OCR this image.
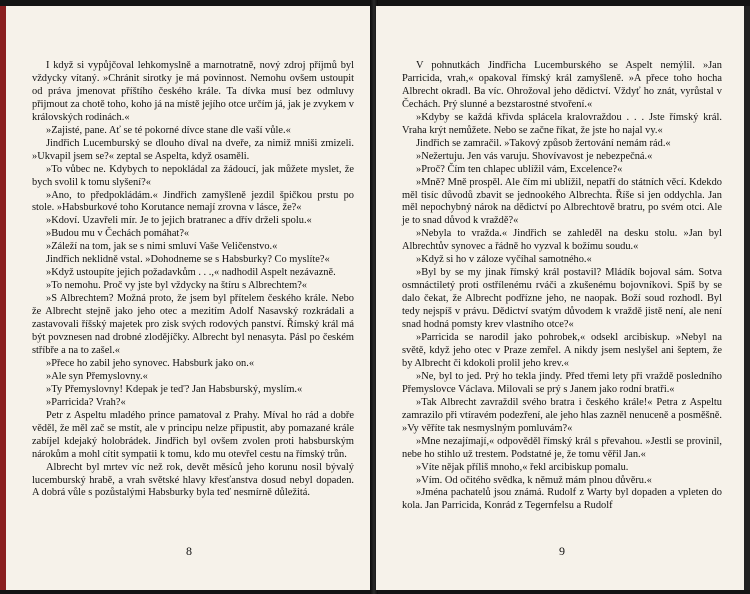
I když si vypůjčoval lehkomyslně a marnotratně, nový zdroj příjmů byl vždycky vítaný. »Chránit sirotky je má povinnost. Nemohu ovšem ustoupit od práva jmenovat příštího českého krále. Ta dívka musí bez odmluvy přijmout za chotě toho, koho já na místě jejího otce určím já, jak je zvykem v královských rodinách.«

»Zajisté, pane. Ať se té pokorné dívce stane dle vaší vůle.«

Jindřich Lucemburský se dlouho díval na dveře, za nimiž mniši zmizeli. »Ukvapil jsem se?« zeptal se Aspelta, když osaměli.

»To vůbec ne. Kdybych to nepokládal za žádoucí, jak můžete myslet, že bych svolil k tomu slyšení?«

»Ano, to předpokládám.« Jindřich zamyšleně jezdil špičkou prstu po stole. »Habsburkové toho Korutance nemají zrovna v lásce, že?«

»Kdoví. Uzavřeli mír. Je to jejich bratranec a dřív drželi spolu.«

»Budou mu v Čechách pomáhat?«

»Záleží na tom, jak se s nimi smluví Vaše Veličenstvo.«

Jindřich neklidně vstal. »Dohodneme se s Habsburky? Co myslíte?«

»Když ustoupíte jejich požadavkům . . .,« nadhodil Aspelt nezávazně.

»To nemohu. Proč vy jste byl vždycky na štíru s Albrechtem?«

»S Albrechtem? Možná proto, že jsem byl přítelem českého krále. Nebo že Albrecht stejně jako jeho otec a mezitím Adolf Nasavský rozkrádali a zastavovali říšský majetek pro zisk svých rodových panství. Římský král má být povznesen nad drobné zlodějíčky. Albrecht byl nenasyta. Pásl po českém stříbře a na to zašel.«

»Přece ho zabil jeho synovec. Habsburk jako on.«

»Ale syn Přemyslovny.«

»Ty Přemyslovny! Kdepak je teď? Jan Habsburský, myslím.«

»Parricida? Vrah?«

Petr z Aspeltu mladého prince pamatoval z Prahy. Míval ho rád a dobře věděl, že měl zač se mstít, ale v principu nelze připustit, aby pomazané krále zabíjel kdejaký holobrádek. Jindřich byl ovšem zvolen proti habsburským nárokům a mohl cítit sympatii k tomu, kdo mu otevřel cestu na římský trůn.

Albrecht byl mrtev víc než rok, devět měsíců jeho korunu nosil bývalý lucemburský hrabě, a vrah světské hlavy křesťanstva dosud nebyl dopaden. A dobrá vůle s pozůstalými Habsburky byla teď nesmírně důležitá.

8

V pohnutkách Jindřicha Lucemburského se Aspelt nemýlil. »Jan Parricida, vrah,« opakoval římský král zamyšleně. »A přece toho hocha Albrecht okradl. Ba víc. Ohrožoval jeho dědictví. Vždyť ho znát, vyrůstal v Čechách. Prý slunné a bezstarostné stvoření.«

»Kdyby se každá křivda splácela kralovraždou . . . Jste římský král. Vraha krýt nemůžete. Nebo se začne říkat, že jste ho najal vy.«

Jindřich se zamračil. »Takový způsob žertování nemám rád.«

»Nežertuju. Jen vás varuju. Shovívavost je nebezpečná.«

»Proč? Čím ten chlapec ublížil vám, Excelence?«

»Mně? Mně prospěl. Ale čím mi ublížil, nepatří do státních věcí. Kdekdo měl tisíc důvodů zbavit se jednookého Albrechta. Říše si jen oddychla. Jan měl nepochybný nárok na dědictví po Albrechtově bratru, po svém otci. Ale je to snad důvod k vraždě?«

»Nebyla to vražda.« Jindřich se zahleděl na desku stolu. »Jan byl Albrechtův synovec a řádně ho vyzval k božímu soudu.«

»Když si ho v záloze vyčíhal samotného.«

»Byl by se my jinak římský král postavil? Mládík bojoval sám. Sotva osmnáctiletý proti ostřílenému rváči a zkušenému bojovníkovi. Spíš by se dalo čekat, že Albrecht podřízne jeho, ne naopak. Boží soud rozhodl. Byl tedy nejspíš v právu. Dědictví svatým důvodem k vraždě jistě není, ale není snad hodná pomsty krev vlastního otce?«

»Parricida se narodil jako pohrobek,« odsekl arcibiskup. »Nebyl na světě, když jeho otec v Praze zemřel. A nikdy jsem neslyšel ani šeptem, že by Albrecht či kdokoli prolil jeho krev.«

»Ne, byl to jed. Prý ho tekla jindy. Před třemi lety při vraždě posledního Přemyslovce Václava. Milovali se prý s Janem jako rodní bratři.«

»Tak Albrecht zavraždil svého bratra i českého krále!« Petra z Aspeltu zamrazilo při vtíravém podezření, ale jeho hlas zazněl nenuceně a posměšně. »Vy věříte tak nesmyslným pomluvám?«

»Mne nezajímají,« odpověděl římský král s převahou. »Jestli se provinil, nebe ho stihlo už trestem. Podstatné je, že tomu věřil Jan.«

»Víte nějak příliš mnoho,« řekl arcibiskup pomalu.

»Vím. Od očitého svědka, k němuž mám plnou důvěru.«

»Jména pachatelů jsou známá. Rudolf z Warty byl dopaden a vpleten do kola. Jan Parricida, Konrád z Tegernfelsu a Rudolf

9
